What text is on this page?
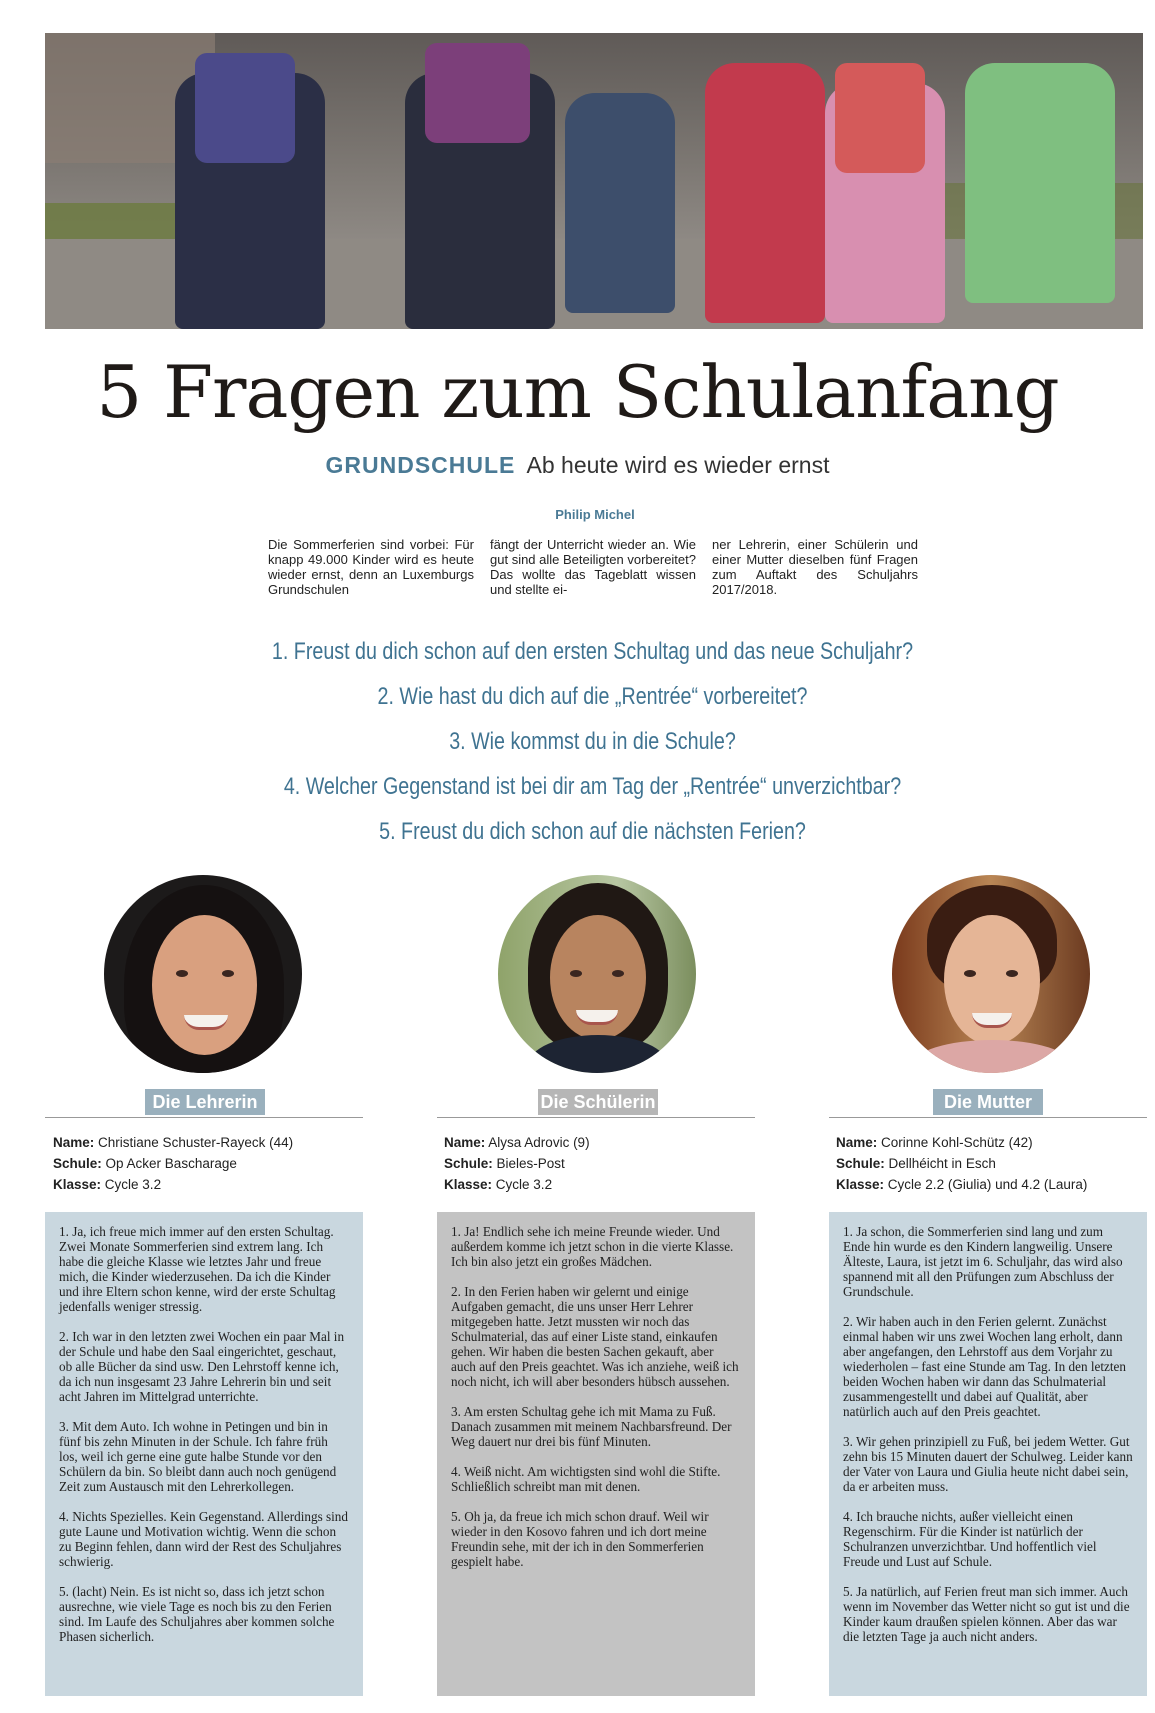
5 Fragen zum Schulanfang
GRUNDSCHULE Ab heute wird es wieder ernst
Philip Michel

Die Sommerferien sind vorbei: Für knapp 49.000 Kinder wird es heute wieder ernst, denn an Luxemburgs Grundschulen

fängt der Unterricht wieder an. Wie gut sind alle Beteiligten vorbereitet? Das wollte das Tageblatt wissen und stellte ei-

ner Lehrerin, einer Schülerin und einer Mutter dieselben fünf Fragen zum Auftakt des Schuljahrs 2017/2018.

1. Freust du dich schon auf den ersten Schultag und das neue Schuljahr?
2. Wie hast du dich auf die „Rentrée“ vorbereitet?
3. Wie kommst du in die Schule?
4. Welcher Gegenstand ist bei dir am Tag der „Rentrée“ unverzichtbar?
5. Freust du dich schon auf die nächsten Ferien?
Die Lehrerin	Die Schülerin	Die Mutter
Name: Christiane Schuster-Rayeck (44)
Schule: Op Acker Bascharage
Klasse: Cycle 3.2
Name: Alysa Adrovic (9)
Schule: Bieles-Post
Klasse: Cycle 3.2
Name: Corinne Kohl-Schütz (42)
Schule: Dellhéicht in Esch
Klasse: Cycle 2.2 (Giulia) und 4.2 (Laura)

1. Ja, ich freue mich immer auf den ersten Schultag. Zwei Monate Sommerferien sind extrem lang. Ich habe die gleiche Klasse wie letztes Jahr und freue mich, die Kinder wiederzusehen. Da ich die Kinder und ihre Eltern schon kenne, wird der erste Schultag jedenfalls weniger stressig.

2. Ich war in den letzten zwei Wochen ein paar Mal in der Schule und habe den Saal eingerichtet, geschaut, ob alle Bücher da sind usw. Den Lehrstoff kenne ich, da ich nun insgesamt 23 Jahre Lehrerin bin und seit acht Jahren im Mittelgrad unterrichte.

3. Mit dem Auto. Ich wohne in Petingen und bin in fünf bis zehn Minuten in der Schule. Ich fahre früh los, weil ich gerne eine gute halbe Stunde vor den Schülern da bin. So bleibt dann auch noch genügend Zeit zum Austausch mit den Lehrerkollegen.

4. Nichts Spezielles. Kein Gegenstand. Allerdings sind gute Laune und Motivation wichtig. Wenn die schon zu Beginn fehlen, dann wird der Rest des Schuljahres schwierig.

5. (lacht) Nein. Es ist nicht so, dass ich jetzt schon ausrechne, wie viele Tage es noch bis zu den Ferien sind. Im Laufe des Schuljahres aber kommen solche Phasen sicherlich.

1. Ja! Endlich sehe ich meine Freunde wieder. Und außerdem komme ich jetzt schon in die vierte Klasse. Ich bin also jetzt ein großes Mädchen.

2. In den Ferien haben wir gelernt und einige Aufgaben gemacht, die uns unser Herr Lehrer mitgegeben hatte. Jetzt mussten wir noch das Schulmaterial, das auf einer Liste stand, einkaufen gehen. Wir haben die besten Sachen gekauft, aber auch auf den Preis geachtet. Was ich anziehe, weiß ich noch nicht, ich will aber besonders hübsch aussehen.

3. Am ersten Schultag gehe ich mit Mama zu Fuß. Danach zusammen mit meinem Nachbarsfreund. Der Weg dauert nur drei bis fünf Minuten.

4. Weiß nicht. Am wichtigsten sind wohl die Stifte. Schließlich schreibt man mit denen.

5. Oh ja, da freue ich mich schon drauf. Weil wir wieder in den Kosovo fahren und ich dort meine Freundin sehe, mit der ich in den Sommerferien gespielt habe.

1. Ja schon, die Sommerferien sind lang und zum Ende hin wurde es den Kindern langweilig. Unsere Älteste, Laura, ist jetzt im 6. Schuljahr, das wird also spannend mit all den Prüfungen zum Abschluss der Grundschule.

2. Wir haben auch in den Ferien gelernt. Zunächst einmal haben wir uns zwei Wochen lang erholt, dann aber angefangen, den Lehrstoff aus dem Vorjahr zu wiederholen – fast eine Stunde am Tag. In den letzten beiden Wochen haben wir dann das Schulmaterial zusammengestellt und dabei auf Qualität, aber natürlich auch auf den Preis geachtet.

3. Wir gehen prinzipiell zu Fuß, bei jedem Wetter. Gut zehn bis 15 Minuten dauert der Schulweg. Leider kann der Vater von Laura und Giulia heute nicht dabei sein, da er arbeiten muss.

4. Ich brauche nichts, außer vielleicht einen Regenschirm. Für die Kinder ist natürlich der Schulranzen unverzichtbar. Und hoffentlich viel Freude und Lust auf Schule.

5. Ja natürlich, auf Ferien freut man sich immer. Auch wenn im November das Wetter nicht so gut ist und die Kinder kaum draußen spielen können. Aber das war die letzten Tage ja auch nicht anders.
